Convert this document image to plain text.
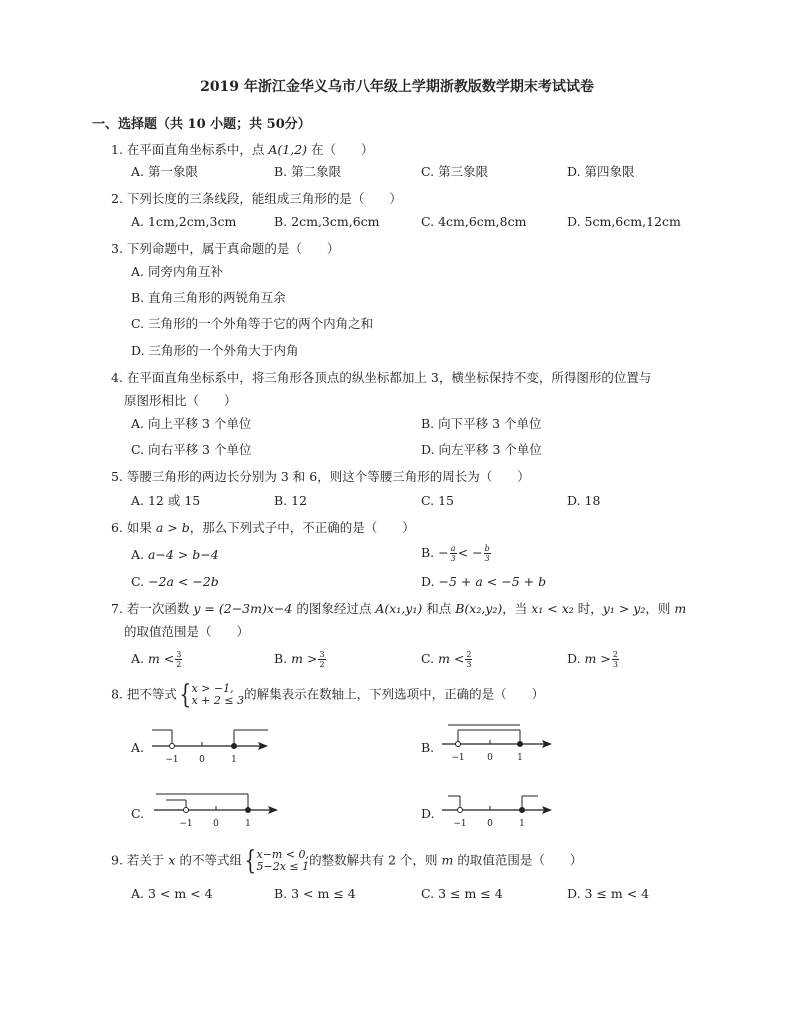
2019 年浙江金华义乌市八年级上学期浙教版数学期末考试试卷
一、选择题（共 10 小题；共 50分）
1. 在平面直角坐标系中，点 A(1,2) 在（　　）
A. 第一象限	B. 第二象限	C. 第三象限	D. 第四象限
2. 下列长度的三条线段，能组成三角形的是（　　）
A. 1cm,2cm,3cm	B. 2cm,3cm,6cm	C. 4cm,6cm,8cm	D. 5cm,6cm,12cm
3. 下列命题中，属于真命题的是（　　）
A. 同旁内角互补
B. 直角三角形的两锐角互余
C. 三角形的一个外角等于它的两个内角之和
D. 三角形的一个外角大于内角
4. 在平面直角坐标系中，将三角形各顶点的纵坐标都加上 3，横坐标保持不变，所得图形的位置与
原图形相比（　　）
A. 向上平移 3 个单位	B. 向下平移 3 个单位
C. 向右平移 3 个单位	D. 向左平移 3 个单位
5. 等腰三角形的两边长分别为 3 和 6，则这个等腰三角形的周长为（　　）
A. 12 或 15	B. 12	C. 15	D. 18
6. 如果 a > b，那么下列式子中，不正确的是（　　）
A. a−4 > b−4	B. − $\frac{a}{3}$ < − $\frac{b}{3}$
C. −2a < −2b	D. −5 + a < −5 + b
7. 若一次函数 y = (2−3m)x−4 的图象经过点 A(x₁,y₁) 和点 B(x₂,y₂)，当 x₁ < x₂ 时，y₁ > y₂，则 m
的取值范围是（　　）
A. $m < \frac{3}{2}$	B. $m > \frac{3}{2}$	C. $m < \frac{2}{3}$	D. $m > \frac{2}{3}$
8. 把不等式{ x > −1,
x + 2 ≤ 3 的解集表示在数轴上，下列选项中，正确的是（　　）
A.
−1 0	1
B.
−1 0	1
C.
−1 0	1
D.
−1 0	1
9. 若关于 x 的不等式组{ x−m < 0,
5−2x ≤ 1 的整数解共有 2 个，则 m 的取值范围是（　　）
A. 3 < m < 4	B. 3 < m ≤ 4	C. 3 ≤ m ≤ 4	D. 3 ≤ m < 4
